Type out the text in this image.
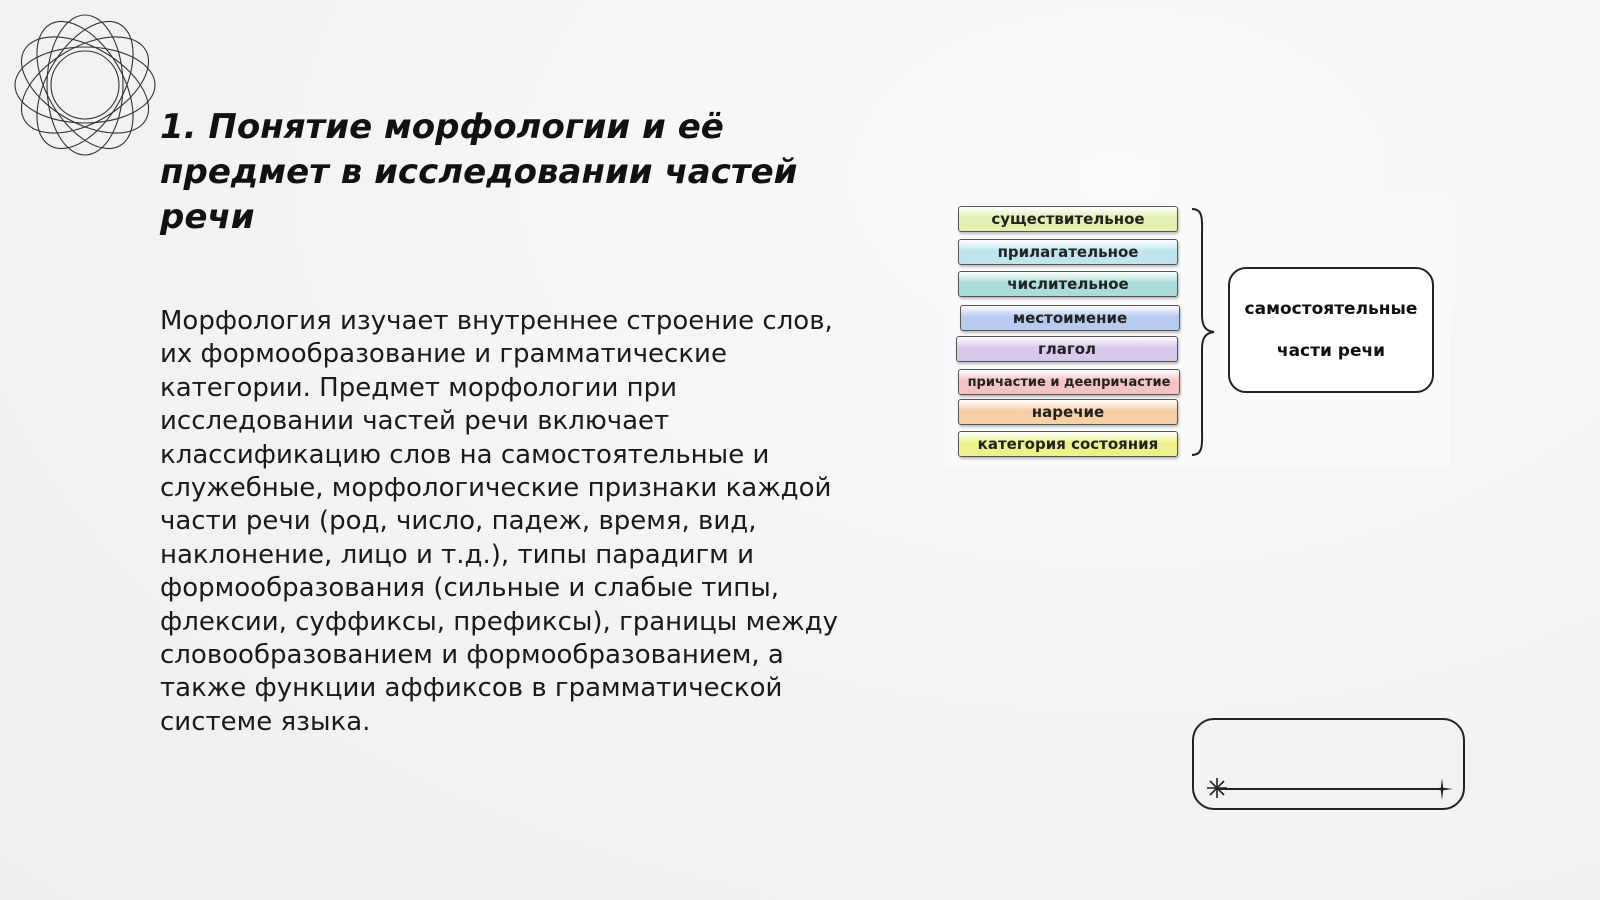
1. Понятие морфологии и её предмет в исследовании частей речи

Морфология изучает внутреннее строение слов, их формообразование и грамматические категории. Предмет морфологии при исследовании частей речи включает классификацию слов на самостоятельные и служебные, морфологические признаки каждой части речи (род, число, падеж, время, вид, наклонение, лицо и т.д.), типы парадигм и формообразования (сильные и слабые типы, флексии, суффиксы, префиксы), границы между словообразованием и формообразованием, а также функции аффиксов в грамматической системе языка.

существительное
прилагательное
числительное
местоимение
глагол
причастие и деепричастие
наречие
категория состояния
самостоятельные
части речи
